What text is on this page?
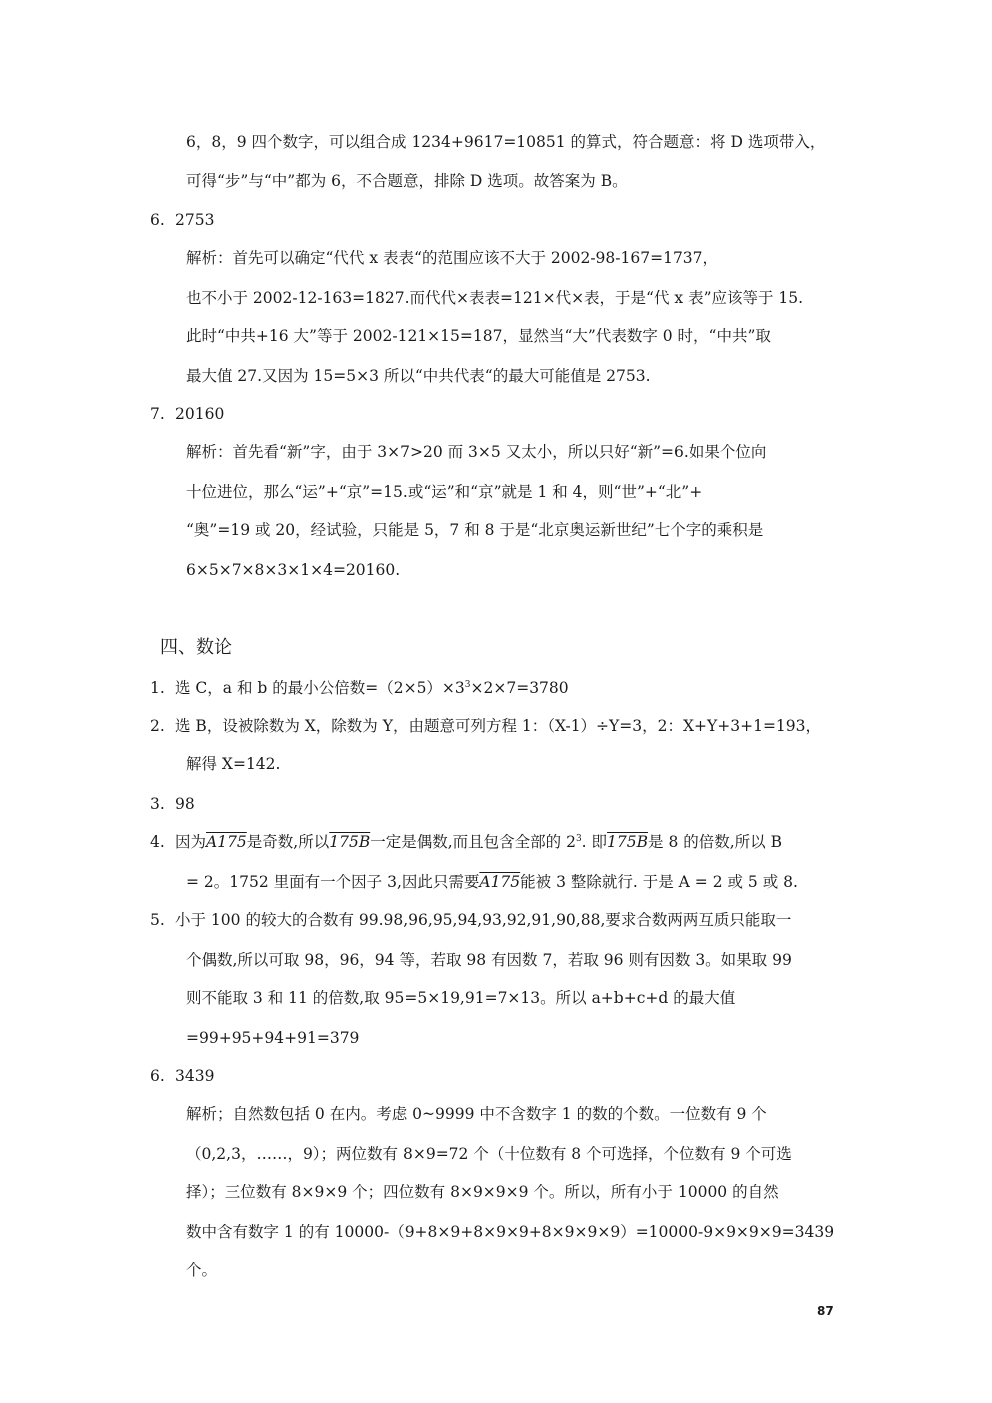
6，8，9 四个数字，可以组合成 1234+9617=10851 的算式，符合题意：将 D 选项带入，

可得“步”与“中”都为 6，不合题意，排除 D 选项。故答案为 B。

6. 2753

解析：首先可以确定“代代 x 表表“的范围应该不大于 2002-98-167=1737，

也不小于 2002-12-163=1827.而代代×表表=121×代×表，于是“代 x 表”应该等于 15.

此时“中共+16 大”等于 2002-121×15=187，显然当“大”代表数字 0 时，“中共”取

最大值 27.又因为 15=5×3 所以“中共代表“的最大可能值是 2753.

7. 20160

解析：首先看“新”字，由于 3×7>20 而 3×5 又太小，所以只好“新”=6.如果个位向

十位进位，那么“运”+“京”=15.或“运”和“京”就是 1 和 4，则“世”+“北”+

“奥”=19 或 20，经试验，只能是 5，7 和 8 于是“北京奥运新世纪”七个字的乘积是

6×5×7×8×3×1×4=20160.

四、数论
1. 选 C，a 和 b 的最小公倍数$=(2\times 5)\times 3^3\times 2\times 7=3780$

2. 选 B，设被除数为 X，除数为 Y，由题意可列方程 1：（X-1）÷Y=3，2：X+Y+3+1=193，

解得 X=142.

3. 98

4. 因为A175是奇数,所以175B一定是偶数,而且包含全部的 $2^3$. 即175B是 8 的倍数,所以 B

= 2。1752 里面有一个因子 3,因此只需要A175能被 3 整除就行. 于是 A = 2 或 5 或 8.

5. 小于 100 的较大的合数有 99.98,96,95,94,93,92,91,90,88,要求合数两两互质只能取一

个偶数,所以可取 98，96，94 等，若取 98 有因数 7，若取 96 则有因数 3。如果取 99

则不能取 3 和 11 的倍数,取 95=5×19,91=7×13。所以 a+b+c+d 的最大值

=99+95+94+91=379

6. 3439

解析；自然数包括 0 在内。考虑 0~9999 中不含数字 1 的数的个数。一位数有 9 个

（0,2,3，……，9）；两位数有 8×9=72 个（十位数有 8 个可选择，个位数有 9 个可选

择）；三位数有 8×9×9 个；四位数有 8×9×9×9 个。所以，所有小于 10000 的自然

数中含有数字 1 的有 10000-（9+8×9+8×9×9+8×9×9×9）=10000-9×9×9×9=3439

个。

87
